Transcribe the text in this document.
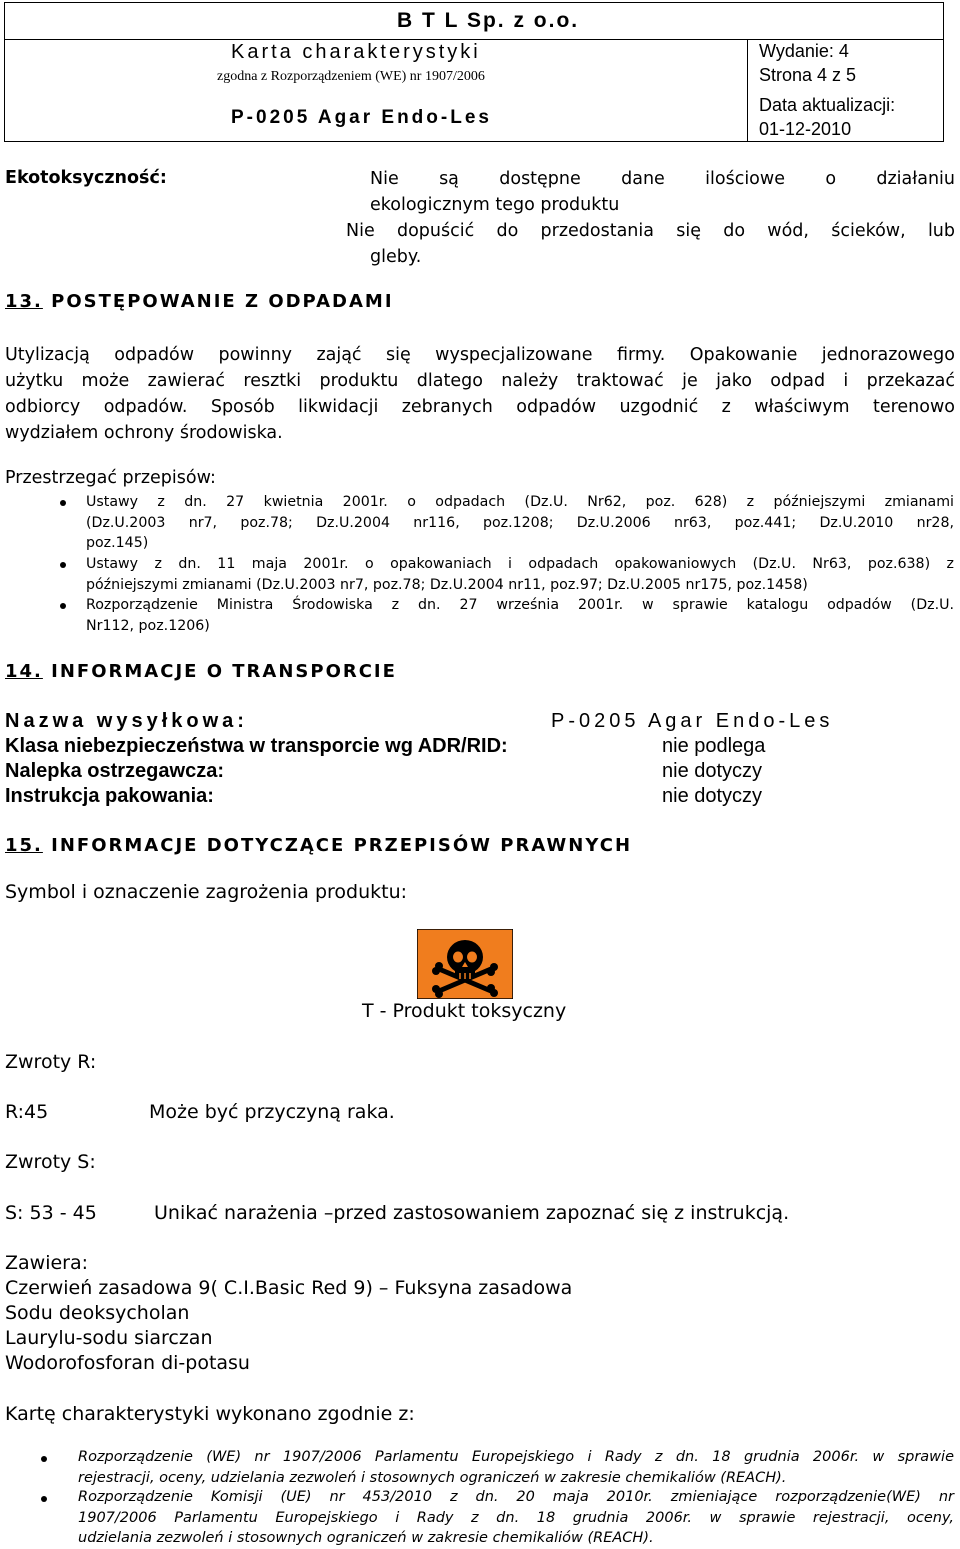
B T L Sp. z o.o.
Karta charakterystyki
zgodna z Rozporządzeniem (WE) nr 1907/2006
P-0205 Agar Endo-Les
Wydanie: 4
Strona 4 z 5
Data aktualizacji:
01-12-2010
Ekotoksyczność:	Nie są dostępne dane ilościowe o działaniu
ekologicznym tego produktu
Nie dopuścić do przedostania się do wód, ścieków, lub
gleby.
13. POSTĘPOWANIE Z ODPADAMI
Utylizacją odpadów powinny zająć się wyspecjalizowane firmy. Opakowanie jednorazowego
użytku może zawierać resztki produktu dlatego należy traktować je jako odpad i przekazać
odbiorcy odpadów. Sposób likwidacji zebranych odpadów uzgodnić z właściwym terenowo
wydziałem ochrony środowiska.
Przestrzegać przepisów:
Ustawy z dn. 27 kwietnia 2001r. o odpadach (Dz.U. Nr62, poz. 628) z późniejszymi zmianami
(Dz.U.2003 nr7, poz.78; Dz.U.2004 nr116, poz.1208; Dz.U.2006 nr63, poz.441; Dz.U.2010 nr28,
poz.145)
Ustawy z dn. 11 maja 2001r. o opakowaniach i odpadach opakowaniowych (Dz.U. Nr63, poz.638) z
późniejszymi zmianami (Dz.U.2003 nr7, poz.78; Dz.U.2004 nr11, poz.97; Dz.U.2005 nr175, poz.1458)
Rozporządzenie Ministra Środowiska z dn. 27 września 2001r. w sprawie katalogu odpadów (Dz.U.
Nr112, poz.1206)
14. INFORMACJE O TRANSPORCIE
Nazwa wysyłkowa:	P-0205 Agar Endo-Les
Klasa niebezpieczeństwa w transporcie wg ADR/RID:	nie podlega
Nalepka ostrzegawcza:	nie dotyczy
Instrukcja pakowania:	nie dotyczy
15. INFORMACJE DOTYCZĄCE PRZEPISÓW PRAWNYCH
Symbol i oznaczenie zagrożenia produktu:
T - Produkt toksyczny
Zwroty R:
R:45	Może być przyczyną raka.
Zwroty S:
S: 53 - 45	Unikać narażenia –przed zastosowaniem zapoznać się z instrukcją.
Zawiera:
Czerwień zasadowa 9( C.I.Basic Red 9) – Fuksyna zasadowa
Sodu deoksycholan
Laurylu-sodu siarczan
Wodorofosforan di-potasu
Kartę charakterystyki wykonano zgodnie z:
Rozporządzenie (WE) nr 1907/2006 Parlamentu Europejskiego i Rady z dn. 18 grudnia 2006r. w sprawie
rejestracji, oceny, udzielania zezwoleń i stosownych ograniczeń w zakresie chemikaliów (REACH).
Rozporządzenie Komisji (UE) nr 453/2010 z dn. 20 maja 2010r. zmieniające rozporządzenie(WE) nr
1907/2006 Parlamentu Europejskiego i Rady z dn. 18 grudnia 2006r. w sprawie rejestracji, oceny,
udzielania zezwoleń i stosownych ograniczeń w zakresie chemikaliów (REACH).
